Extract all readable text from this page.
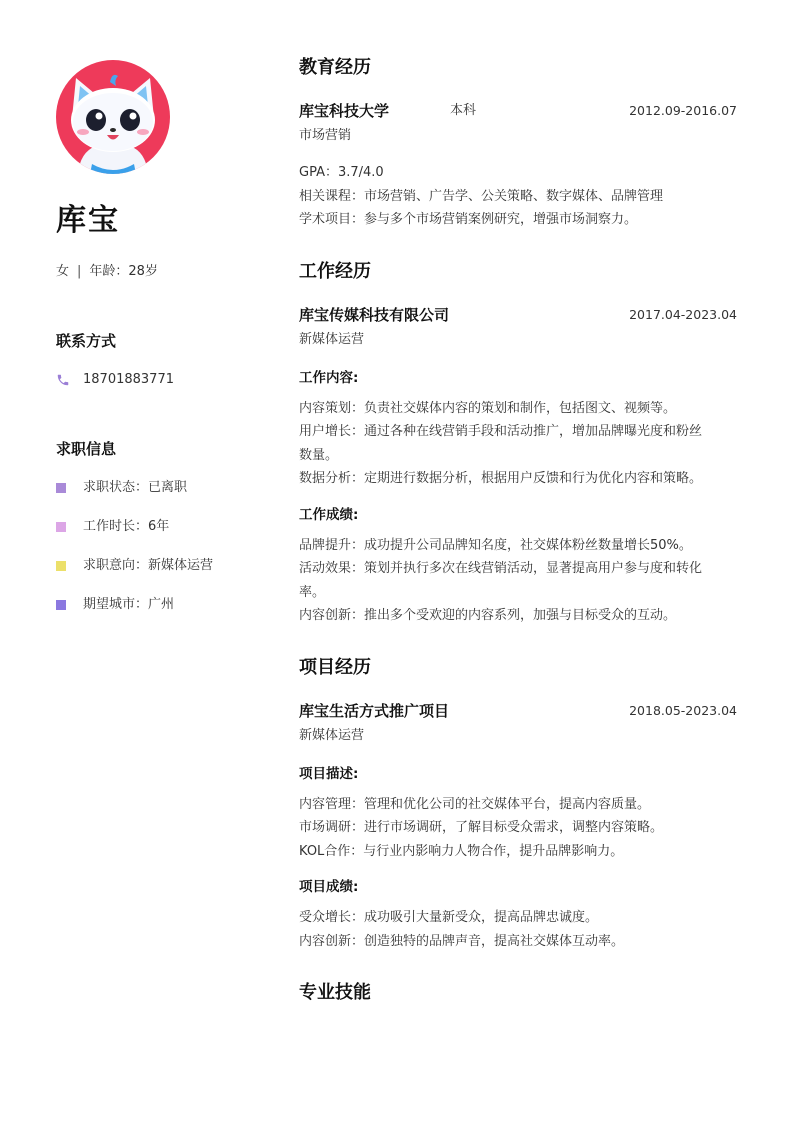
库宝
女 | 年龄：28岁
联系方式
18701883771
求职信息
求职状态：已离职
工作时长：6年
求职意向：新媒体运营
期望城市：广州
教育经历
库宝科技大学	本科	2012.09-2016.07
市场营销
GPA：3.7/4.0
相关课程：市场营销、广告学、公关策略、数字媒体、品牌管理
学术项目：参与多个市场营销案例研究，增强市场洞察力。
工作经历
库宝传媒科技有限公司	2017.04-2023.04
新媒体运营
工作内容:
内容策划：负责社交媒体内容的策划和制作，包括图文、视频等。
用户增长：通过各种在线营销手段和活动推广，增加品牌曝光度和粉丝
数量。
数据分析：定期进行数据分析，根据用户反馈和行为优化内容和策略。
工作成绩:
品牌提升：成功提升公司品牌知名度，社交媒体粉丝数量增长50%。
活动效果：策划并执行多次在线营销活动，显著提高用户参与度和转化
率。
内容创新：推出多个受欢迎的内容系列，加强与目标受众的互动。
项目经历
库宝生活方式推广项目	2018.05-2023.04
新媒体运营
项目描述:
内容管理：管理和优化公司的社交媒体平台，提高内容质量。
市场调研：进行市场调研，了解目标受众需求，调整内容策略。
KOL合作：与行业内影响力人物合作，提升品牌影响力。
项目成绩:
受众增长：成功吸引大量新受众，提高品牌忠诚度。
内容创新：创造独特的品牌声音，提高社交媒体互动率。
专业技能
